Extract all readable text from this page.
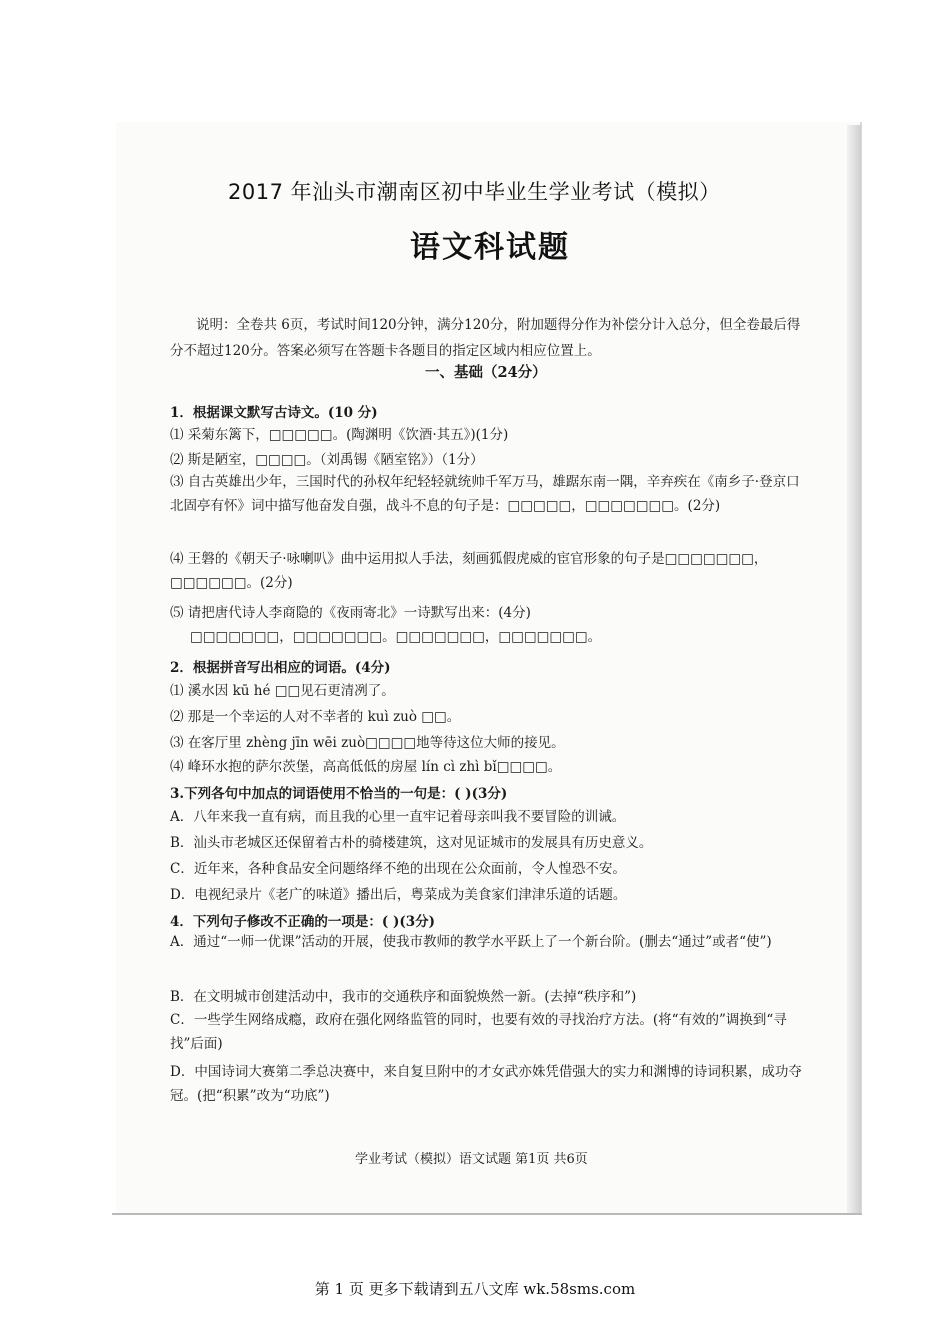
2017 年汕头市潮南区初中毕业生学业考试（模拟）
语文科试题
说明：全卷共 6页，考试时间120分钟，满分120分，附加题得分作为补偿分计入总分，但全卷最后得分不超过120分。答案必须写在答题卡各题目的指定区域内相应位置上。
一、基础（24分）
1．根据课文默写古诗文。(10 分)
⑴ 采菊东篱下，□□□□□。(陶渊明《饮酒·其五》)(1分)
⑵ 斯是陋室，□□□□。（刘禹锡《陋室铭》）（1分）
⑶ 自古英雄出少年，三国时代的孙权年纪轻轻就统帅千军万马，雄踞东南一隅，辛弃疾在《南乡子·登京口北固亭有怀》词中描写他奋发自强，战斗不息的句子是：□□□□□，□□□□□□□。(2分)
⑷ 王磐的《朝天子·咏喇叭》曲中运用拟人手法，刻画狐假虎威的宦官形象的句子是□□□□□□□，□□□□□□。(2分)
⑸ 请把唐代诗人李商隐的《夜雨寄北》一诗默写出来：(4分)
□□□□□□□，□□□□□□□。□□□□□□□，□□□□□□□。
2．根据拼音写出相应的词语。(4分)
⑴ 溪水因 kū hé □□见石更清冽了。
⑵ 那是一个幸运的人对不幸者的 kuì zuò □□。
⑶ 在客厅里 zhèng jīn wēi zuò□□□□地等待这位大师的接见。
⑷ 峰环水抱的萨尔茨堡，高高低低的房屋 lín cì zhì bǐ□□□□。
3.下列各句中加点的词语使用不恰当的一句是：( )(3分)
A．八年来我一直有病，而且我的心里一直牢记着母亲叫我不要冒险的训诫。
B．汕头市老城区还保留着古朴的骑楼建筑，这对见证城市的发展具有历史意义。
C．近年来，各种食品安全问题络绎不绝的出现在公众面前，令人惶恐不安。
D．电视纪录片《老广的味道》播出后，粤菜成为美食家们津津乐道的话题。
4．下列句子修改不正确的一项是：( )(3分)
A．通过“一师一优课”活动的开展，使我市教师的教学水平跃上了一个新台阶。(删去“通过”或者“使”)
B．在文明城市创建活动中，我市的交通秩序和面貌焕然一新。(去掉“秩序和”)
C．一些学生网络成瘾，政府在强化网络监管的同时，也要有效的寻找治疗方法。(将“有效的”调换到“寻找”后面)
D．中国诗词大赛第二季总决赛中，来自复旦附中的才女武亦姝凭借强大的实力和渊博的诗词积累，成功夺冠。(把“积累”改为“功底”)
学业考试（模拟）语文试题 第1页 共6页
第 1 页 更多下载请到五八文库 wk.58sms.com
